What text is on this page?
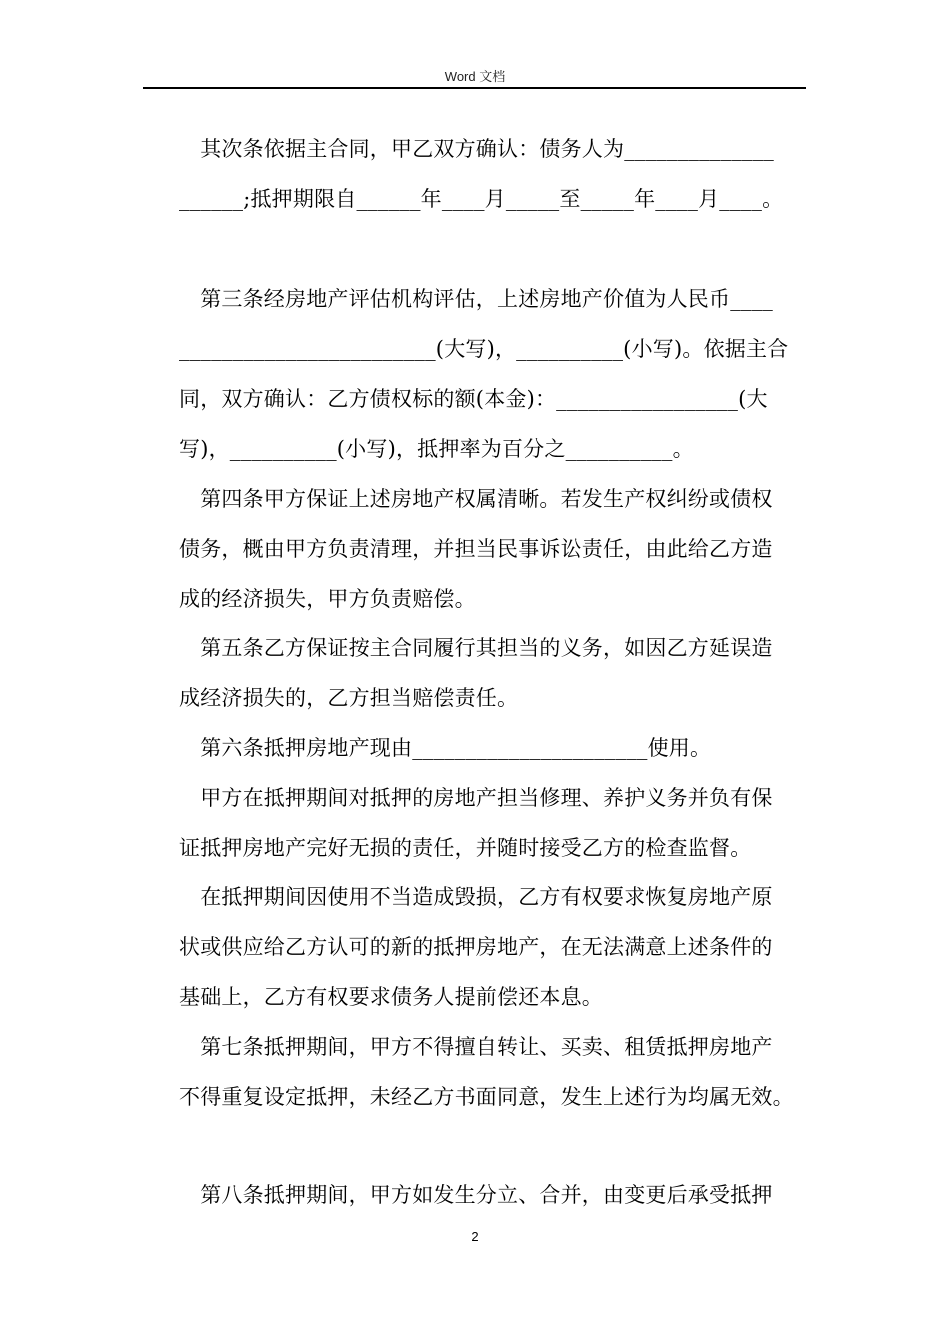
Word 文档
　其次条依据主合同，甲乙双方确认：债务人为______________
______;抵押期限自______年____月_____至_____年____月____。
　第三条经房地产评估机构评估，上述房地产价值为人民币____
________________________(大写)，__________(小写)。依据主合
同，双方确认：乙方债权标的额(本金)：_________________(大
写)，__________(小写)，抵押率为百分之__________。
　第四条甲方保证上述房地产权属清晰。若发生产权纠纷或债权
债务，概由甲方负责清理，并担当民事诉讼责任，由此给乙方造
成的经济损失，甲方负责赔偿。
　第五条乙方保证按主合同履行其担当的义务，如因乙方延误造
成经济损失的，乙方担当赔偿责任。
　第六条抵押房地产现由______________________使用。
　甲方在抵押期间对抵押的房地产担当修理、养护义务并负有保
证抵押房地产完好无损的责任，并随时接受乙方的检查监督。
　在抵押期间因使用不当造成毁损，乙方有权要求恢复房地产原
状或供应给乙方认可的新的抵押房地产，在无法满意上述条件的
基础上，乙方有权要求债务人提前偿还本息。
　第七条抵押期间，甲方不得擅自转让、买卖、租赁抵押房地产
不得重复设定抵押，未经乙方书面同意，发生上述行为均属无效。
　第八条抵押期间，甲方如发生分立、合并，由变更后承受抵押
2
